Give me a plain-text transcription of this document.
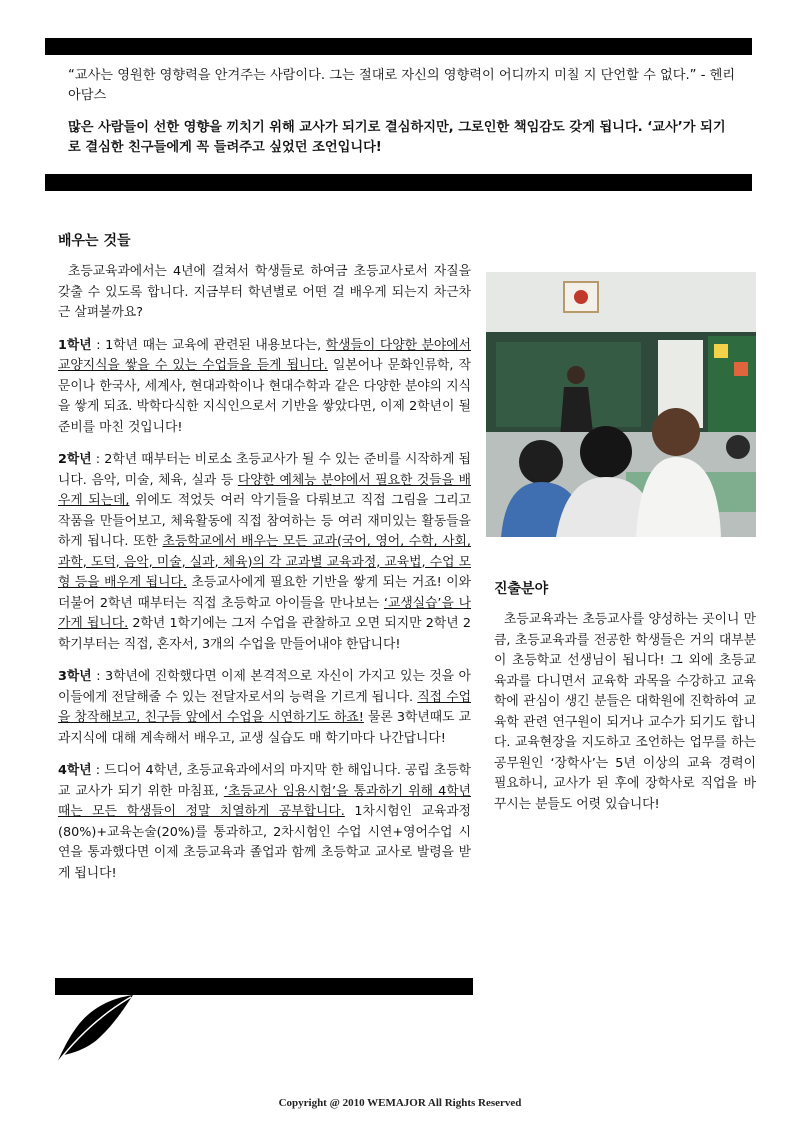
“교사는 영원한 영향력을 안겨주는 사람이다. 그는 절대로 자신의 영향력이 어디까지 미칠 지 단언할 수 없다.” - 헨리 아담스

많은 사람들이 선한 영향을 끼치기 위해 교사가 되기로 결심하지만, 그로인한 책임감도 갖게 됩니다. ‘교사’가 되기로 결심한 친구들에게 꼭 들려주고 싶었던 조언입니다!

배우는 것들

초등교육과에서는 4년에 걸쳐서 학생들로 하여금 초등교사로서 자질을 갖출 수 있도록 합니다. 지금부터 학년별로 어떤 걸 배우게 되는지 차근차근 살펴볼까요?

1학년 : 1학년 때는 교육에 관련된 내용보다는, 학생들이 다양한 분야에서 교양지식을 쌓을 수 있는 수업들을 듣게 됩니다. 일본어나 문화인류학, 작문이나 한국사, 세계사, 현대과학이나 현대수학과 같은 다양한 분야의 지식을 쌓게 되죠. 박학다식한 지식인으로서 기반을 쌓았다면, 이제 2학년이 될 준비를 마친 것입니다!

2학년 : 2학년 때부터는 비로소 초등교사가 될 수 있는 준비를 시작하게 됩니다. 음악, 미술, 체육, 실과 등 다양한 예체능 분야에서 필요한 것들을 배우게 되는데, 위에도 적었듯 여러 악기들을 다뤄보고 직접 그림을 그리고 작품을 만들어보고, 체육활동에 직접 참여하는 등 여러 재미있는 활동들을 하게 됩니다. 또한 초등학교에서 배우는 모든 교과(국어, 영어, 수학, 사회, 과학, 도덕, 음악, 미술, 실과, 체육)의 각 교과별 교육과정, 교육법, 수업 모형 등을 배우게 됩니다. 초등교사에게 필요한 기반을 쌓게 되는 거죠! 이와 더불어 2학년 때부터는 직접 초등학교 아이들을 만나보는 ‘교생실습’을 나가게 됩니다. 2학년 1학기에는 그저 수업을 관찰하고 오면 되지만 2학년 2학기부터는 직접, 혼자서, 3개의 수업을 만들어내야 한답니다!

3학년 : 3학년에 진학했다면 이제 본격적으로 자신이 가지고 있는 것을 아이들에게 전달해줄 수 있는 전달자로서의 능력을 기르게 됩니다. 직접 수업을 창작해보고, 친구들 앞에서 수업을 시연하기도 하죠! 물론 3학년때도 교과지식에 대해 계속해서 배우고, 교생 실습도 매 학기마다 나간답니다!

4학년 : 드디어 4학년, 초등교육과에서의 마지막 한 해입니다. 공립 초등학교 교사가 되기 위한 마침표, ‘초등교사 임용시험’을 통과하기 위해 4학년 때는 모든 학생들이 정말 치열하게 공부합니다. 1차시험인 교육과정(80%)+교육논술(20%)를 통과하고, 2차시험인 수업 시연+영어수업 시연을 통과했다면 이제 초등교육과 졸업과 함께 초등학교 교사로 발령을 받게 됩니다!

진출분야

초등교육과는 초등교사를 양성하는 곳이니 만큼, 초등교육과를 전공한 학생들은 거의 대부분이 초등학교 선생님이 됩니다! 그 외에 초등교육과를 다니면서 교육학 과목을 수강하고 교육학에 관심이 생긴 분들은 대학원에 진학하여 교육학 관련 연구원이 되거나 교수가 되기도 합니다. 교육현장을 지도하고 조언하는 업무를 하는 공무원인 ‘장학사’는 5년 이상의 교육 경력이 필요하니, 교사가 된 후에 장학사로 직업을 바꾸시는 분들도 어렷 있습니다!

Copyright @ 2010 WEMAJOR All Rights Reserved
